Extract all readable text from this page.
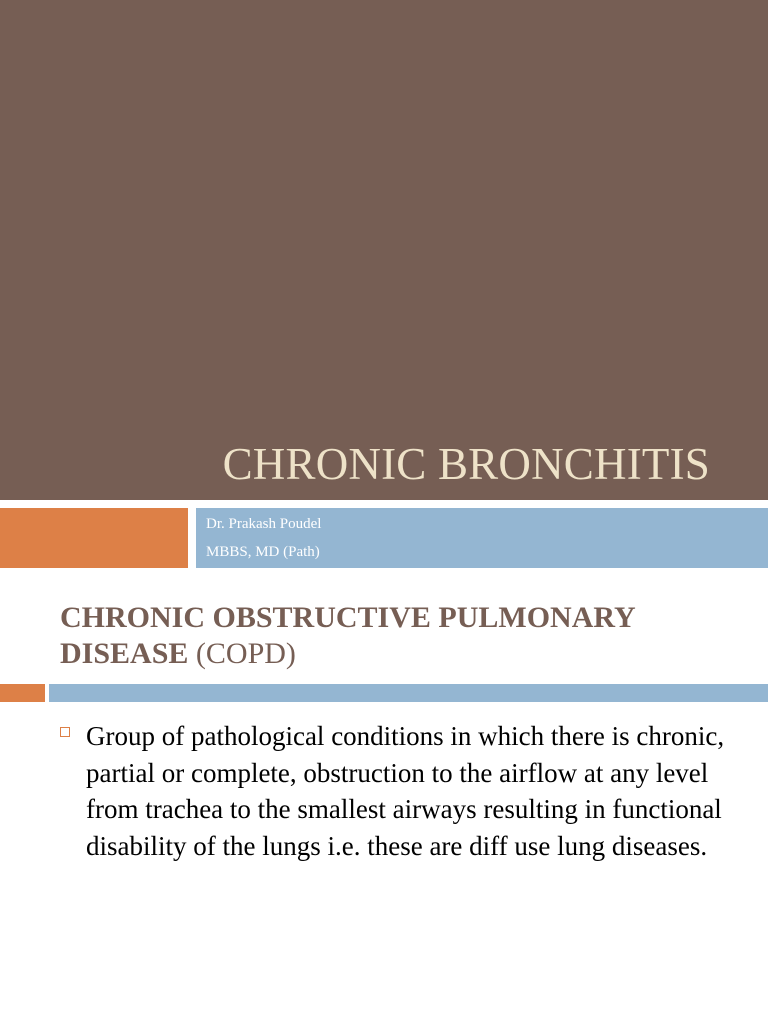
CHRONIC BRONCHITIS
Dr. Prakash Poudel
MBBS, MD (Path)
CHRONIC OBSTRUCTIVE PULMONARY DISEASE (COPD)
Group of pathological conditions in which there is chronic, partial or complete, obstruction to the airflow at any level from trachea to the smallest airways resulting in functional disability of the lungs i.e. these are diff use lung diseases.
